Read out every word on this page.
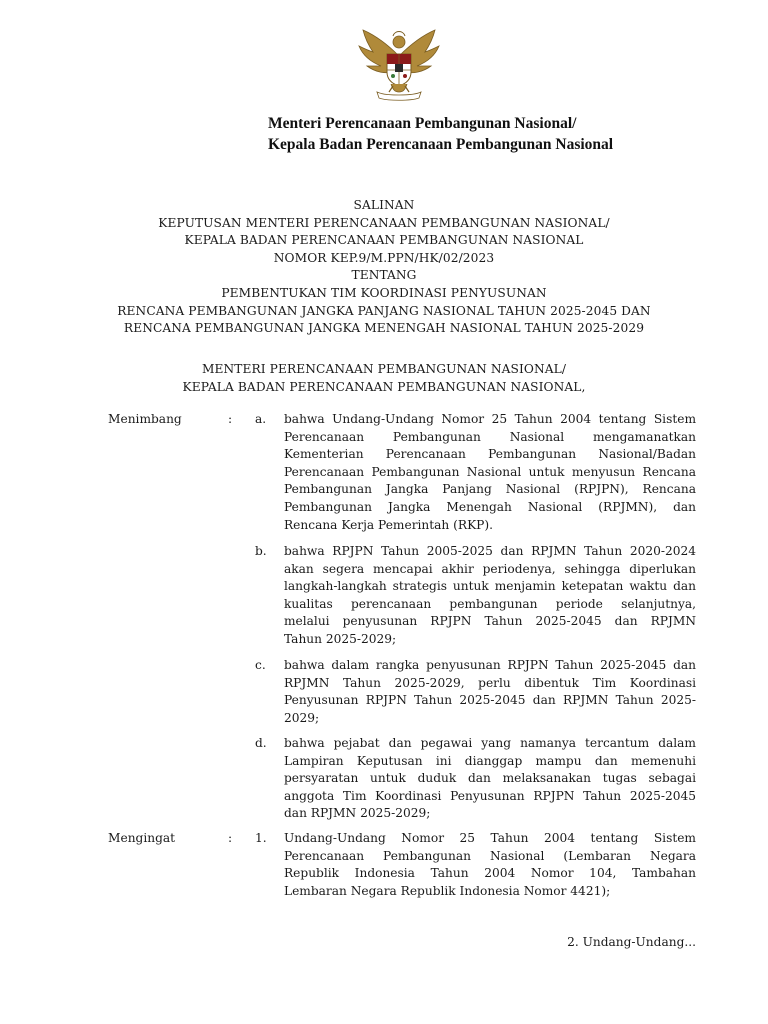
Menteri Perencanaan Pembangunan Nasional/
Kepala Badan Perencanaan Pembangunan Nasional
SALINAN
KEPUTUSAN MENTERI PERENCANAAN PEMBANGUNAN NASIONAL/
KEPALA BADAN PERENCANAAN PEMBANGUNAN NASIONAL
NOMOR KEP.9/M.PPN/HK/02/2023
TENTANG
PEMBENTUKAN TIM KOORDINASI PENYUSUNAN
RENCANA PEMBANGUNAN JANGKA PANJANG NASIONAL TAHUN 2025-2045 DAN
RENCANA PEMBANGUNAN JANGKA MENENGAH NASIONAL TAHUN 2025-2029
MENTERI PERENCANAAN PEMBANGUNAN NASIONAL/
KEPALA BADAN PERENCANAAN PEMBANGUNAN NASIONAL,
Menimbang	: a. bahwa Undang-Undang Nomor 25 Tahun 2004 tentang Sistem
Perencanaan Pembangunan Nasional mengamanatkan
Kementerian Perencanaan Pembangunan Nasional/Badan
Perencanaan Pembangunan Nasional untuk menyusun Rencana
Pembangunan Jangka Panjang Nasional (RPJPN), Rencana
Pembangunan Jangka Menengah Nasional (RPJMN), dan
Rencana Kerja Pemerintah (RKP).
b. bahwa RPJPN Tahun 2005-2025 dan RPJMN Tahun 2020-2024
akan segera mencapai akhir periodenya, sehingga diperlukan
langkah-langkah strategis untuk menjamin ketepatan waktu dan
kualitas perencanaan pembangunan periode selanjutnya,
melalui penyusunan RPJPN Tahun 2025-2045 dan RPJMN
Tahun 2025-2029;
c. bahwa dalam rangka penyusunan RPJPN Tahun 2025-2045 dan
RPJMN Tahun 2025-2029, perlu dibentuk Tim Koordinasi
Penyusunan RPJPN Tahun 2025-2045 dan RPJMN Tahun 2025-
2029;
d. bahwa pejabat dan pegawai yang namanya tercantum dalam
Lampiran Keputusan ini dianggap mampu dan memenuhi
persyaratan untuk duduk dan melaksanakan tugas sebagai
anggota Tim Koordinasi Penyusunan RPJPN Tahun 2025-2045
dan RPJMN 2025-2029;
Mengingat	: 1. Undang-Undang Nomor 25 Tahun 2004 tentang Sistem
Perencanaan Pembangunan Nasional (Lembaran Negara
Republik Indonesia Tahun 2004 Nomor 104, Tambahan
Lembaran Negara Republik Indonesia Nomor 4421);
2. Undang-Undang...
